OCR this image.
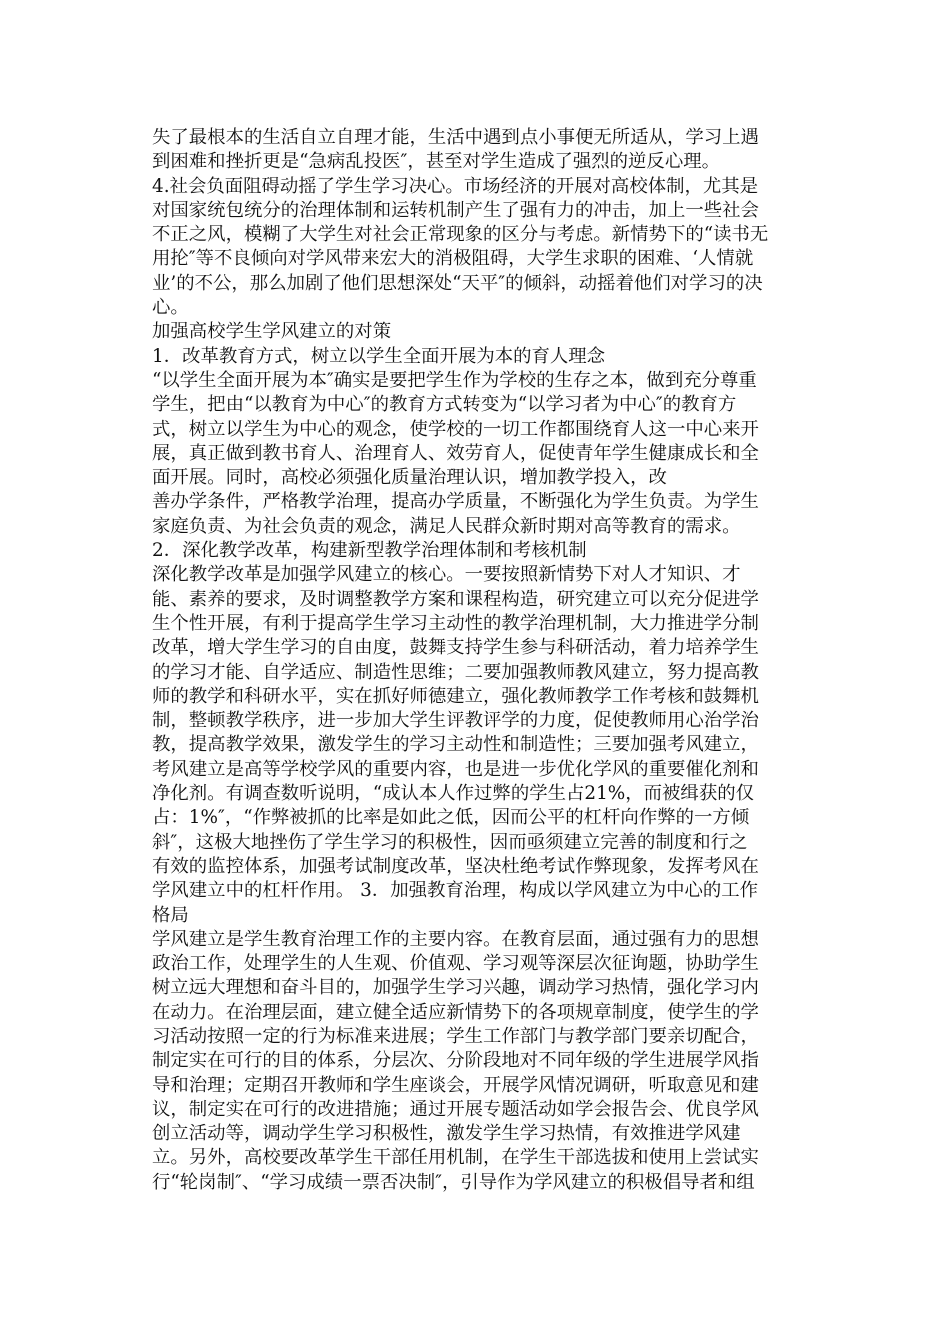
失了最根本的生活自立自理才能，生活中遇到点小事便无所适从，学习上遇
到困难和挫折更是“急病乱投医″，甚至对学生造成了强烈的逆反心理。
4.社会负面阻碍动摇了学生学习决心。市场经济的开展对高校体制，尤其是
对国家统包统分的治理体制和运转机制产生了强有力的冲击，加上一些社会
不正之风，模糊了大学生对社会正常现象的区分与考虑。新情势下的“读书无
用抡″等不良倾向对学风带来宏大的消极阻碍，大学生求职的困难、‘人情就
业’的不公，那么加剧了他们思想深处“天平″的倾斜，动摇着他们对学习的决
心。
加强高校学生学风建立的对策
1．改革教育方式，树立以学生全面开展为本的育人理念
“以学生全面开展为本″确实是要把学生作为学校的生存之本，做到充分尊重
学生，把由“以教育为中心″的教育方式转变为“以学习者为中心″的教育方
式，树立以学生为中心的观念，使学校的一切工作都围绕育人这一中心来开
展，真正做到教书育人、治理育人、效劳育人，促使青年学生健康成长和全
面开展。同时，高校必须强化质量治理认识，增加教学投入，改
善办学条件，严格教学治理，提高办学质量，不断强化为学生负责。为学生
家庭负责、为社会负责的观念，满足人民群众新时期对高等教育的需求。
2．深化教学改革，构建新型教学治理体制和考核机制
深化教学改革是加强学风建立的核心。一要按照新情势下对人才知识、才
能、素养的要求，及时调整教学方案和课程构造，研究建立可以充分促进学
生个性开展，有利于提高学生学习主动性的教学治理机制，大力推进学分制
改革，增大学生学习的自由度，鼓舞支持学生参与科研活动，着力培养学生
的学习才能、自学适应、制造性思维；二要加强教师教风建立，努力提高教
师的教学和科研水平，实在抓好师德建立，强化教师教学工作考核和鼓舞机
制，整顿教学秩序，进一步加大学生评教评学的力度，促使教师用心治学治
教，提高教学效果，激发学生的学习主动性和制造性；三要加强考风建立，
考风建立是高等学校学风的重要内容，也是进一步优化学风的重要催化剂和
净化剂。有调查数听说明，“成认本人作过弊的学生占21%，而被缉获的仅
占：1%″，“作弊被抓的比率是如此之低，因而公平的杠杆向作弊的一方倾
斜″，这极大地挫伤了学生学习的积极性，因而亟须建立完善的制度和行之
有效的监控体系，加强考试制度改革，坚决杜绝考试作弊现象，发挥考风在
学风建立中的杠杆作用。 3．加强教育治理，构成以学风建立为中心的工作
格局
学风建立是学生教育治理工作的主要内容。在教育层面，通过强有力的思想
政治工作，处理学生的人生观、价值观、学习观等深层次征询题，协助学生
树立远大理想和奋斗目的，加强学生学习兴趣，调动学习热情，强化学习内
在动力。在治理层面，建立健全适应新情势下的各项规章制度，使学生的学
习活动按照一定的行为标准来进展；学生工作部门与教学部门要亲切配合，
制定实在可行的目的体系，分层次、分阶段地对不同年级的学生进展学风指
导和治理；定期召开教师和学生座谈会，开展学风情况调研，听取意见和建
议，制定实在可行的改进措施；通过开展专题活动如学会报告会、优良学风
创立活动等，调动学生学习积极性，激发学生学习热情，有效推进学风建
立。另外，高校要改革学生干部任用机制，在学生干部选拔和使用上尝试实
行“轮岗制″、“学习成绩一票否决制″，引导作为学风建立的积极倡导者和组
